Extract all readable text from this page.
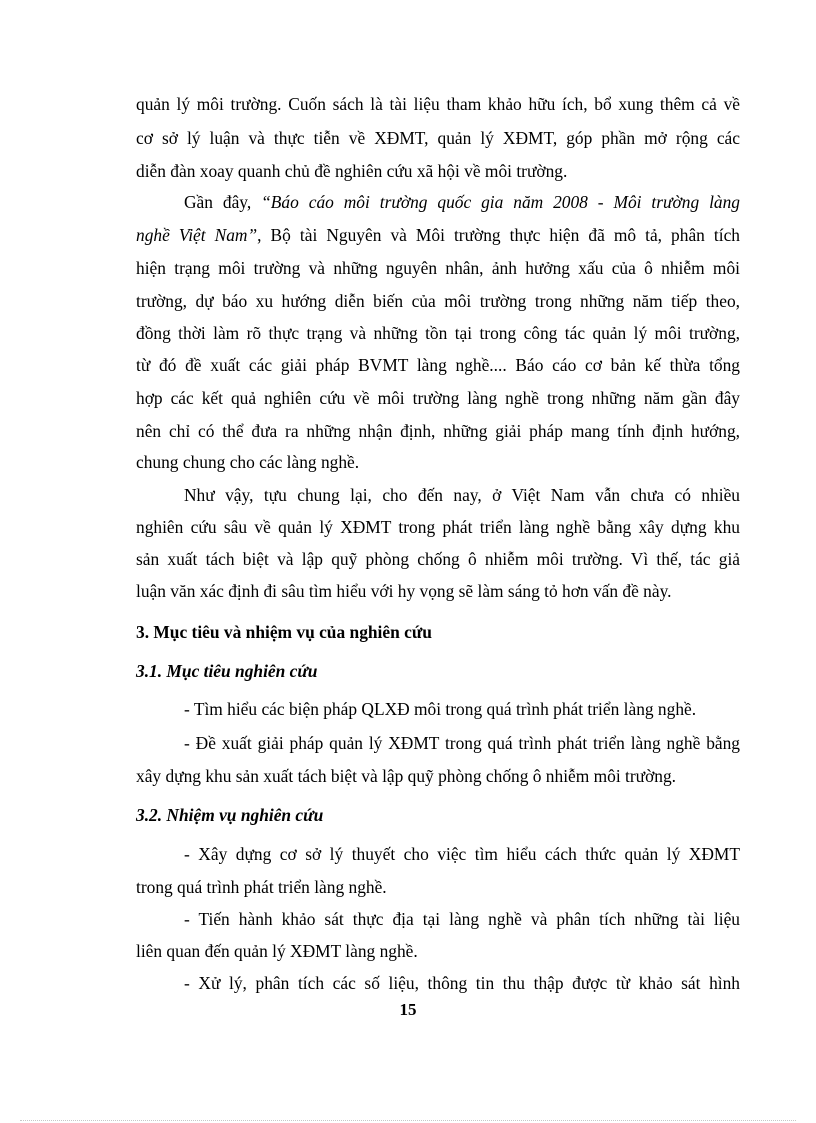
quản lý môi trường. Cuốn sách là tài liệu tham khảo hữu ích, bổ xung thêm cả về
cơ sở lý luận và thực tiễn về XĐMT, quản lý XĐMT, góp phần mở rộng các
diễn đàn xoay quanh chủ đề nghiên cứu xã hội về môi trường.
Gần đây, “Báo cáo môi trường quốc gia năm 2008 - Môi trường làng
nghề Việt Nam”, Bộ tài Nguyên và Môi trường thực hiện đã mô tả, phân tích
hiện trạng môi trường và những nguyên nhân, ảnh hưởng xấu của ô nhiễm môi
trường, dự báo xu hướng diễn biến của môi trường trong những năm tiếp theo,
đồng thời làm rõ thực trạng và những tồn tại trong công tác quản lý môi trường,
từ đó đề xuất các giải pháp BVMT làng nghề.... Báo cáo cơ bản kế thừa tổng
hợp các kết quả nghiên cứu về môi trường làng nghề trong những năm gần đây
nên chỉ có thể đưa ra những nhận định, những giải pháp mang tính định hướng,
chung chung cho các làng nghề.
Như vậy, tựu chung lại, cho đến nay, ở Việt Nam vẫn chưa có nhiều
nghiên cứu sâu về quản lý XĐMT trong phát triển làng nghề bằng xây dựng khu
sản xuất tách biệt và lập quỹ phòng chống ô nhiễm môi trường. Vì thế, tác giả
luận văn xác định đi sâu tìm hiểu với hy vọng sẽ làm sáng tỏ hơn vấn đề này.
3. Mục tiêu và nhiệm vụ của nghiên cứu
3.1. Mục tiêu nghiên cứu
- Tìm hiểu các biện pháp QLXĐ môi trong quá trình phát triển làng nghề.
- Đề xuất giải pháp quản lý XĐMT trong quá trình phát triển làng nghề bằng
xây dựng khu sản xuất tách biệt và lập quỹ phòng chống ô nhiễm môi trường.
3.2. Nhiệm vụ nghiên cứu
- Xây dựng cơ sở lý thuyết cho việc tìm hiểu cách thức quản lý XĐMT
trong quá trình phát triển làng nghề.
- Tiến hành khảo sát thực địa tại làng nghề và phân tích những tài liệu
liên quan đến quản lý XĐMT làng nghề.
- Xử lý, phân tích các số liệu, thông tin thu thập được từ khảo sát hình
15
